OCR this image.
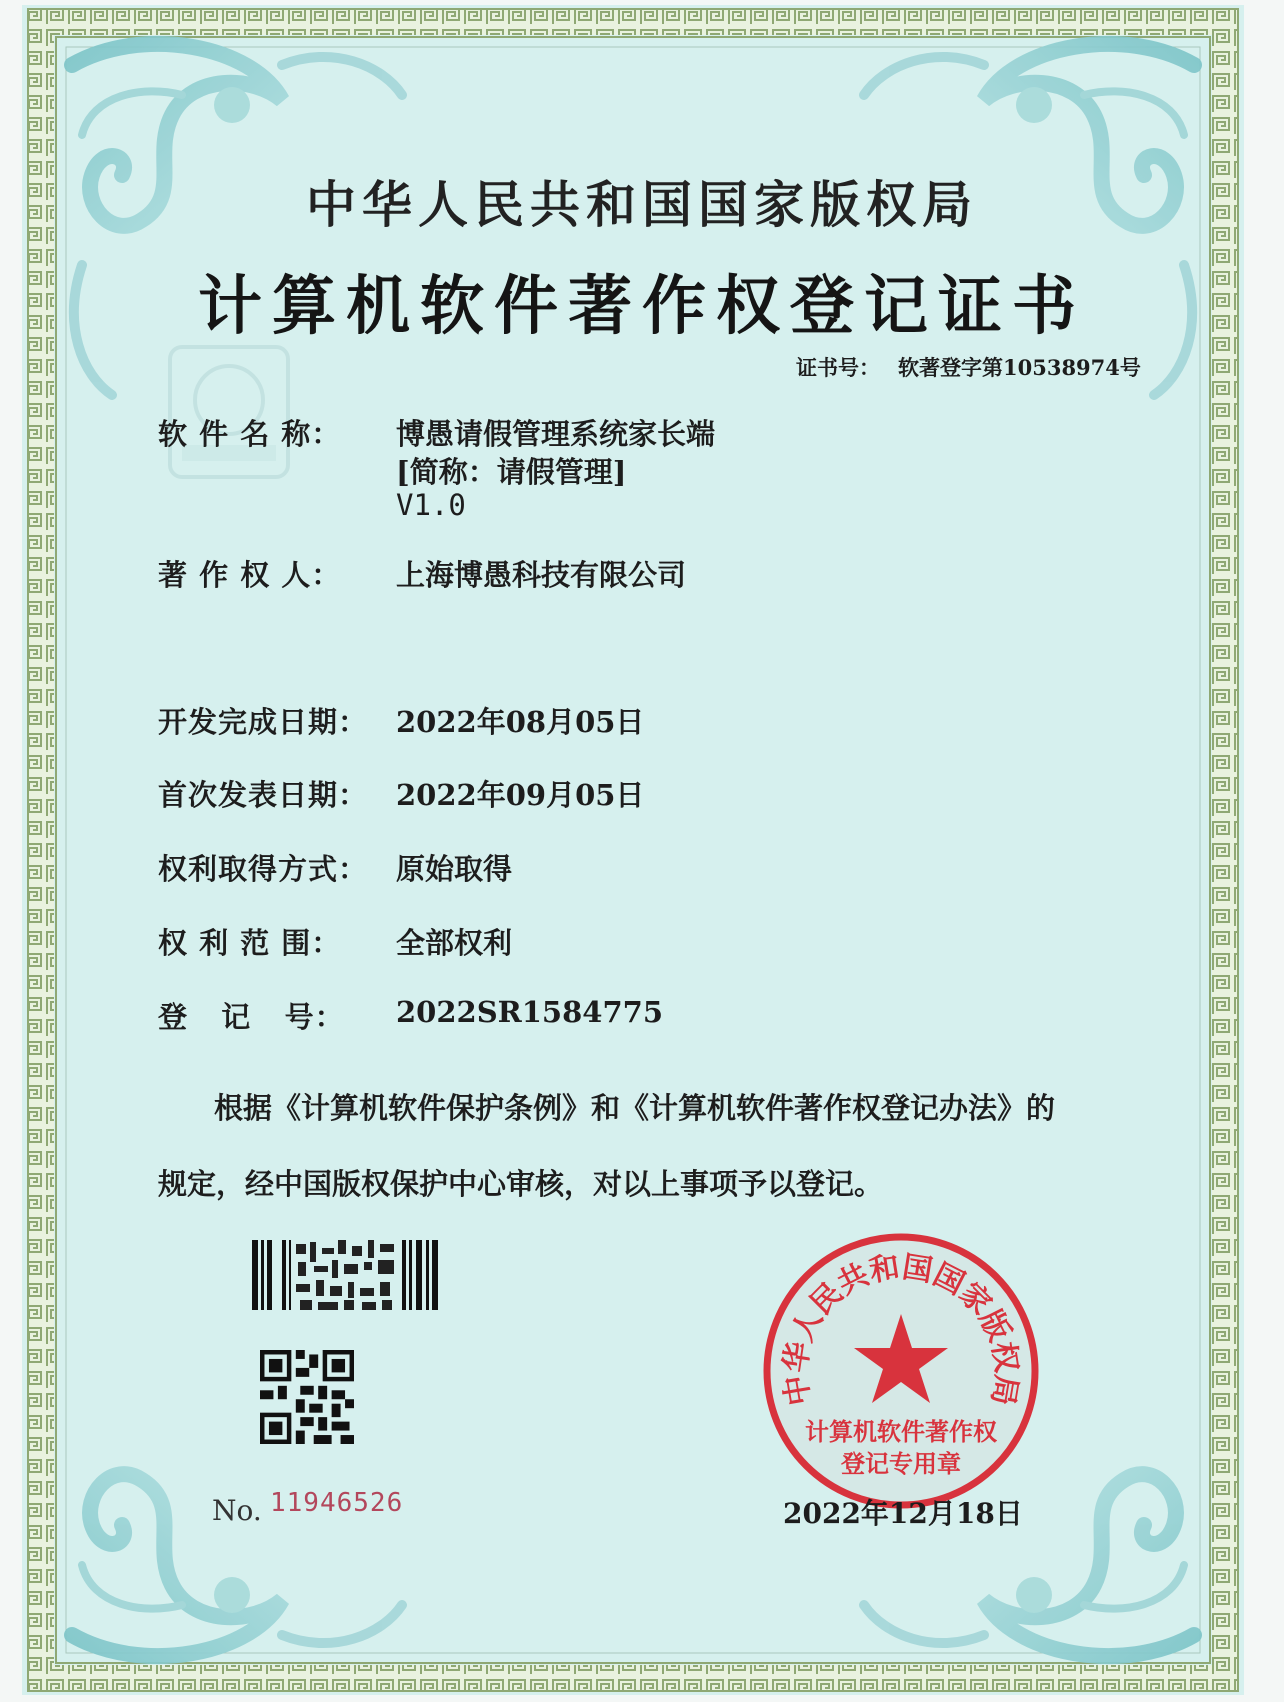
中华人民共和国国家版权局
计算机软件著作权登记证书
证书号： 软著登字第10538974号
软 件 名 称： 博愚请假管理系统家长端
[简称：请假管理]
V1.0
著 作 权 人： 上海博愚科技有限公司
开发完成日期： 2022年08月05日
首次发表日期： 2022年09月05日
权利取得方式： 原始取得
权 利 范 围： 全部权利
登   记   号： 2022SR1584775
根据《计算机软件保护条例》和《计算机软件著作权登记办法》的
规定，经中国版权保护中心审核，对以上事项予以登记。
No. 11946526
中华人民共和国国家版权局
计算机软件著作权
登记专用章
2022年12月18日
